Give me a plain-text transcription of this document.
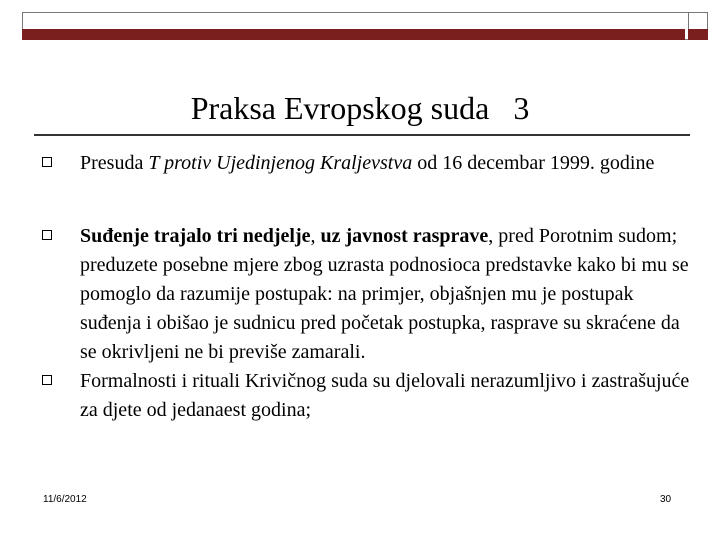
Praksa Evropskog suda   3
Presuda T protiv Ujedinjenog Kraljevstva od 16 decembar 1999. godine
Suđenje trajalo tri nedjelje, uz javnost rasprave, pred Porotnim sudom; preduzete posebne mjere zbog uzrasta podnosioca predstavke kako bi mu se pomoglo da razumije postupak: na primjer, objašnjen mu je postupak suđenja i obišao je sudnicu pred početak postupka, rasprave su skraćene da se okrivljeni ne bi previše zamarali.
Formalnosti i rituali Krivičnog suda su djelovali nerazumljivo i zastrašujuće za djete od jedanaest godina;
11/6/2012	30
